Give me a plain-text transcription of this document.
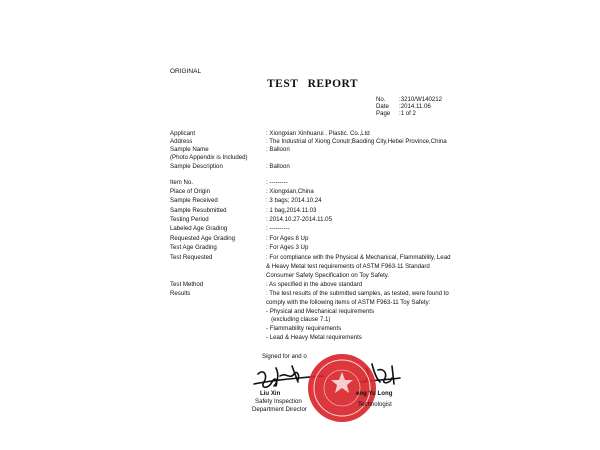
ORIGINAL
TEST REPORT
No.	:3210/W140212
Date	:2014.11.06
Page	:1 of 2
Applicant	: Xiongxian Xinhuarui . Plastic. Co.,Ltd
Address	: The Industrial of Xiong Conutr;Baoding City,Hebei Province,China
Sample Name	: Balloon
(Photo Appendix is Included)
Sample Description	: Balloon
Item No.	: ---------
Place of Origin	: Xiongxian,China
Sample Received	: 3 bags; 2014.10.24
Sample Resubmitted	: 1 bag,2014.11.03
Testing Period	: 2014.10.27-2014.11.05
Labeled Age Grading	: ----------
Requested Age Grading	: For Ages 8 Up
Test Age Grading	: For Ages 3 Up
Test Requested	: For compliance with the Physical & Mechanical, Flammability, Lead
& Heavy Metal test requirements of ASTM F963-11 Standard
Consumer Safety Specification on Toy Safety.
Test Method	: As specified in the above standard
Results	: The test results of the submitted samples, as tested, were found to
comply with the following items of ASTM F963-11 Toy Safety:
- Physical and Mechanical requirements
(excluding clause 7.1)
- Flammability requirements
- Lead & Heavy Metal requirements
Signed for and o
Liu Xin
Safety Inspection
Department Director
eng Yu Long
Technologist
